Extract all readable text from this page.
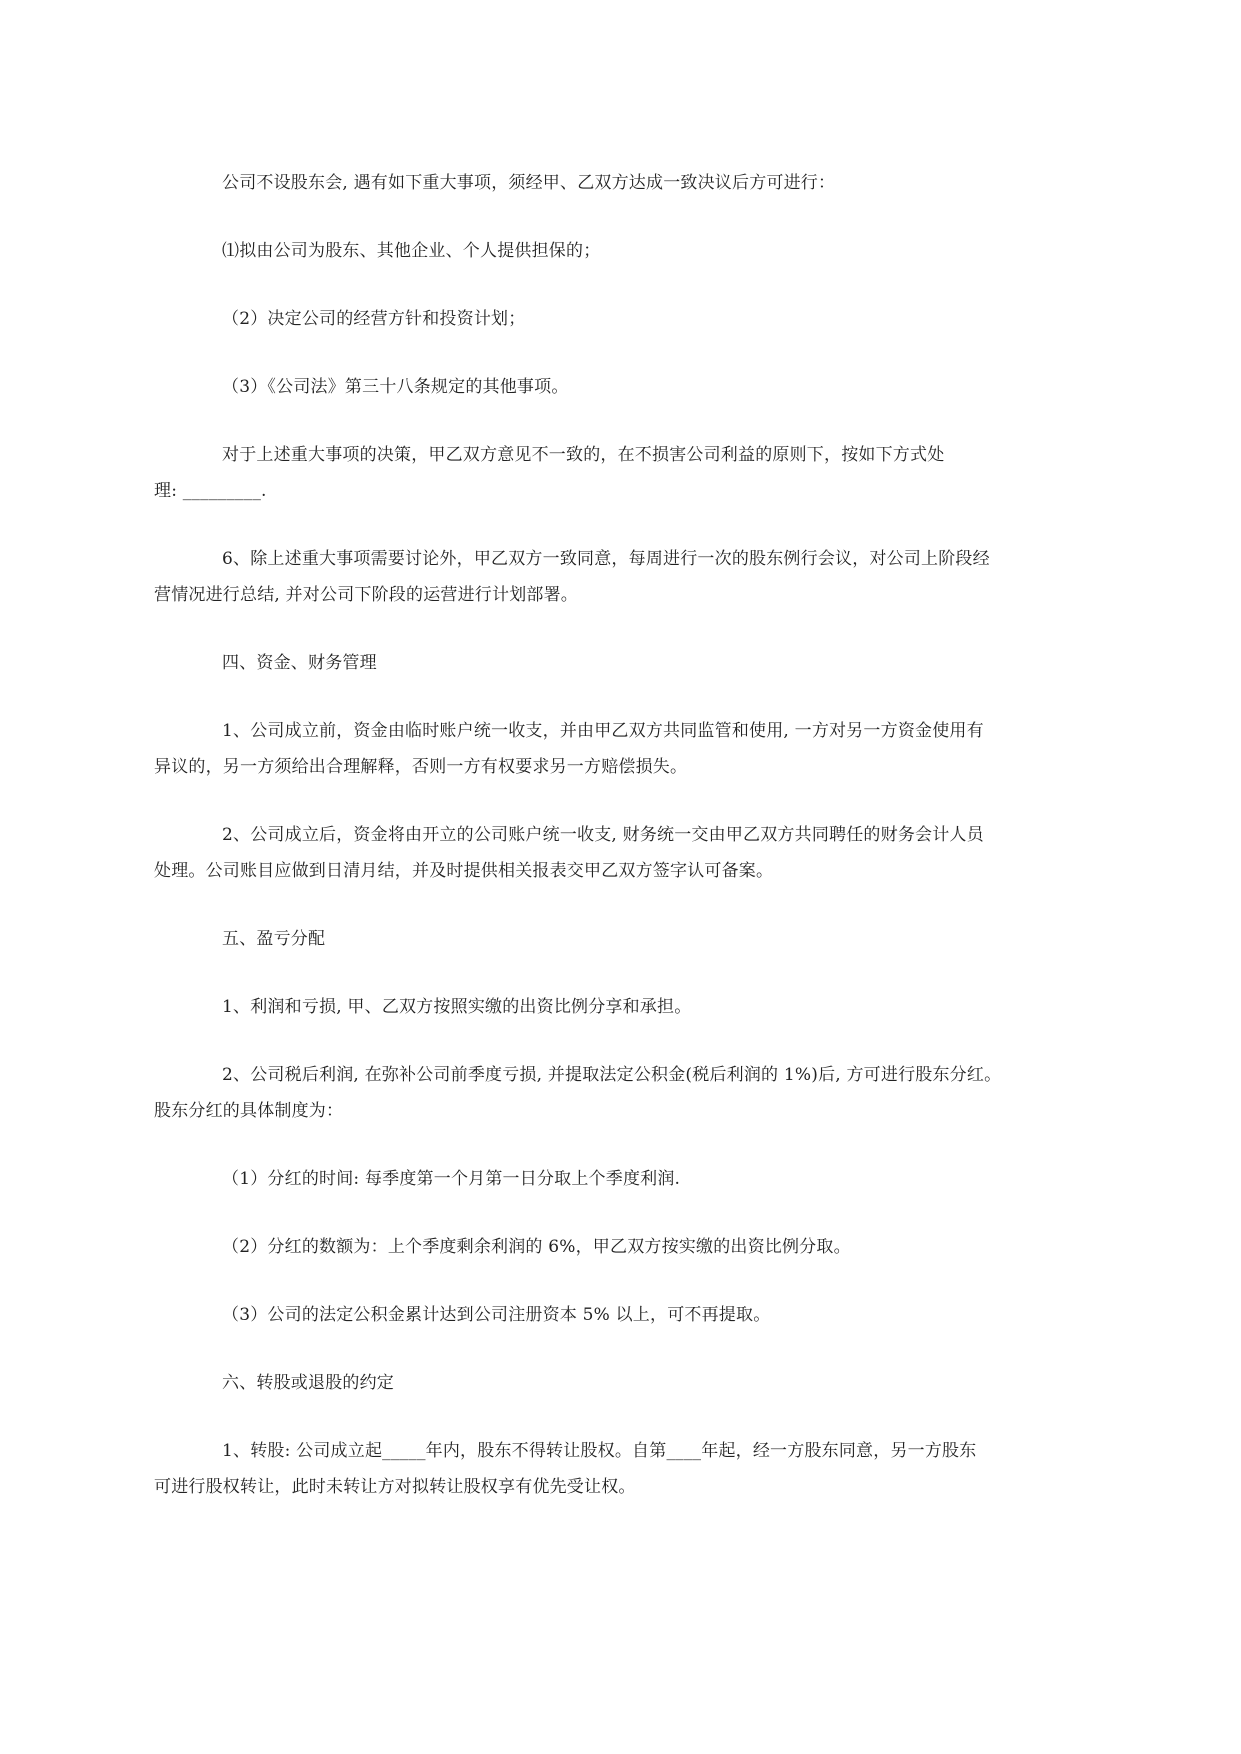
公司不设股东会, 遇有如下重大事项，须经甲、乙双方达成一致决议后方可进行：

⑴拟由公司为股东、其他企业、个人提供担保的；

（2）决定公司的经营方针和投资计划；

（3）《公司法》第三十八条规定的其他事项。

对于上述重大事项的决策，甲乙双方意见不一致的，在不损害公司利益的原则下，按如下方式处
理: _________.

6、除上述重大事项需要讨论外，甲乙双方一致同意，每周进行一次的股东例行会议，对公司上阶段经
营情况进行总结, 并对公司下阶段的运营进行计划部署。

四、资金、财务管理

1、公司成立前，资金由临时账户统一收支，并由甲乙双方共同监管和使用, 一方对另一方资金使用有
异议的，另一方须给出合理解释，否则一方有权要求另一方赔偿损失。

2、公司成立后，资金将由开立的公司账户统一收支, 财务统一交由甲乙双方共同聘任的财务会计人员
处理。公司账目应做到日清月结，并及时提供相关报表交甲乙双方签字认可备案。

五、盈亏分配

1、利润和亏损, 甲、乙双方按照实缴的出资比例分享和承担。

2、公司税后利润, 在弥补公司前季度亏损, 并提取法定公积金(税后利润的 1%)后, 方可进行股东分红。
股东分红的具体制度为：

（1）分红的时间: 每季度第一个月第一日分取上个季度利润.

（2）分红的数额为：上个季度剩余利润的 6%，甲乙双方按实缴的出资比例分取。

（3）公司的法定公积金累计达到公司注册资本 5% 以上，可不再提取。

六、转股或退股的约定

1、转股: 公司成立起_____年内，股东不得转让股权。自第____年起，经一方股东同意，另一方股东
可进行股权转让，此时未转让方对拟转让股权享有优先受让权。
